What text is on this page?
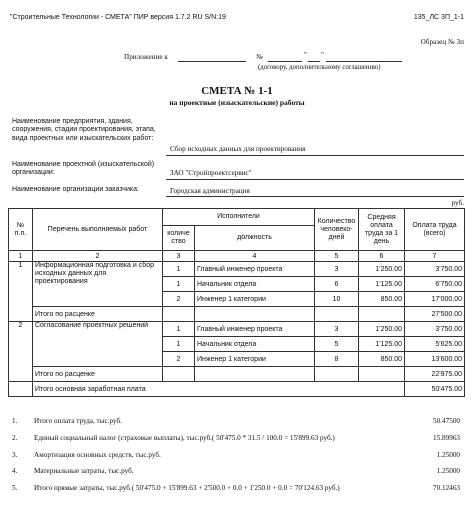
"Строительные Технологии - СМЕТА" ПИР версия 1.7.2 RU S/N:19	135_ЛС 3П_1-1
Образец № 3п
Приложение к	№	" "
(договору, дополнительному соглашению)
СМЕТА № 1-1
на проектные (изыскательские) работы
Наименование предприятия, здания, сооружения, стадии проектирования, этапа, вида проектных или изыскательских работ:
Сбор исходных данных для проектирования
Наименование проектной (изыскательской) организации:	ЗАО "Стройпроектсервис"
Наименование организации заказчика:	Городская администрация
руб.
№ п.п.	Перечень выполняемых работ	Исполнители		Количество человеко- дней	Средняя оплата труда за 1 день	Оплата труда (всего)
		количе ство	должность			
1	2	3	4	5	6	7
1	Информационная подготовка и сбор исходных данных для проектирования	1	Главный инженер проекта	3	1'250.00	3'750.00
		1	Начальник отдела	6	1'125.00	6'750.00
		2	Инженер 1 категории	10	850.00	17'000.00
	Итого по расценке					27'500.00
2	Согласование проектных решений	1	Главный инженер проекта	3	1'250.00	3'750.00
		1	Начальник отдела	5	1'125.00	5'625.00
		2	Инженер 1 категории	8	850.00	13'600.00
	Итого по расценке					22'975.00
	Итого основная заработная плата					50'475.00
1. Итого оплата труда, тыс.руб.	50.47500
2. Единый социальный налог (страховые выплаты), тыс.руб.( 50'475.0 * 31.5 / 100.0 = 15'899.63 руб.)	15.89963
3. Амортизация основных средств, тыс.руб.	1.25000
4. Материальные затраты, тыс.руб.	1.25000
5. Итого прямые затраты, тыс.руб.( 50'475.0 + 15'899.63 + 2'500.0 + 0.0 + 1'250.0 + 0.0 = 70'124.63 руб.)	70.12463
